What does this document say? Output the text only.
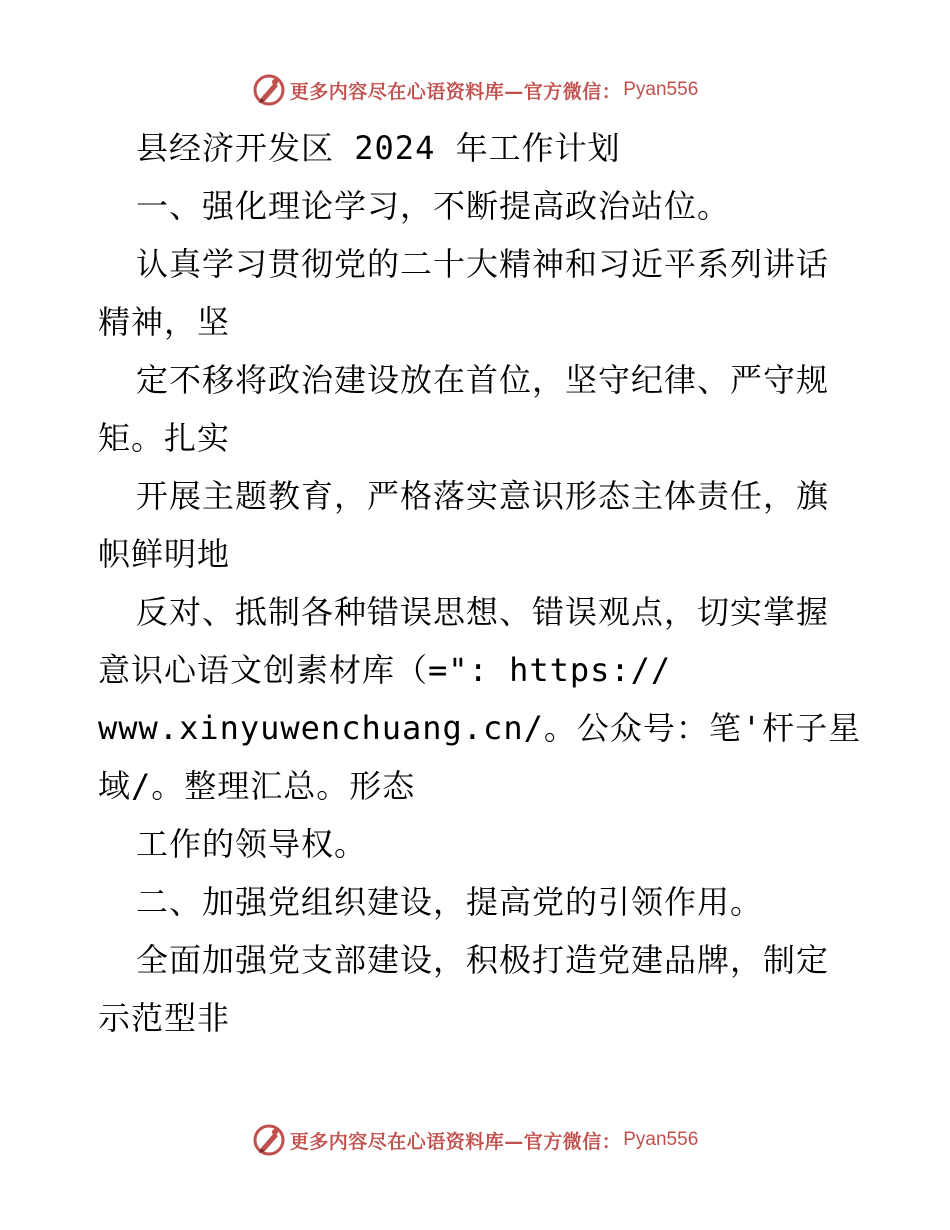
更多内容尽在心语资料库—官方微信： Pyan556
县经济开发区 2024 年工作计划
一、强化理论学习，不断提高政治站位。
认真学习贯彻党的二十大精神和习近平系列讲话
精神，坚
定不移将政治建设放在首位，坚守纪律、严守规
矩。扎实
开展主题教育，严格落实意识形态主体责任，旗
帜鲜明地
反对、抵制各种错误思想、错误观点，切实掌握
意识心语文创素材库（=": https://
www.xinyuwenchuang.cn/。公众号：笔'杆子星
域/。整理汇总。形态
工作的领导权。
二、加强党组织建设，提高党的引领作用。
全面加强党支部建设，积极打造党建品牌，制定
示范型非
更多内容尽在心语资料库—官方微信： Pyan556
